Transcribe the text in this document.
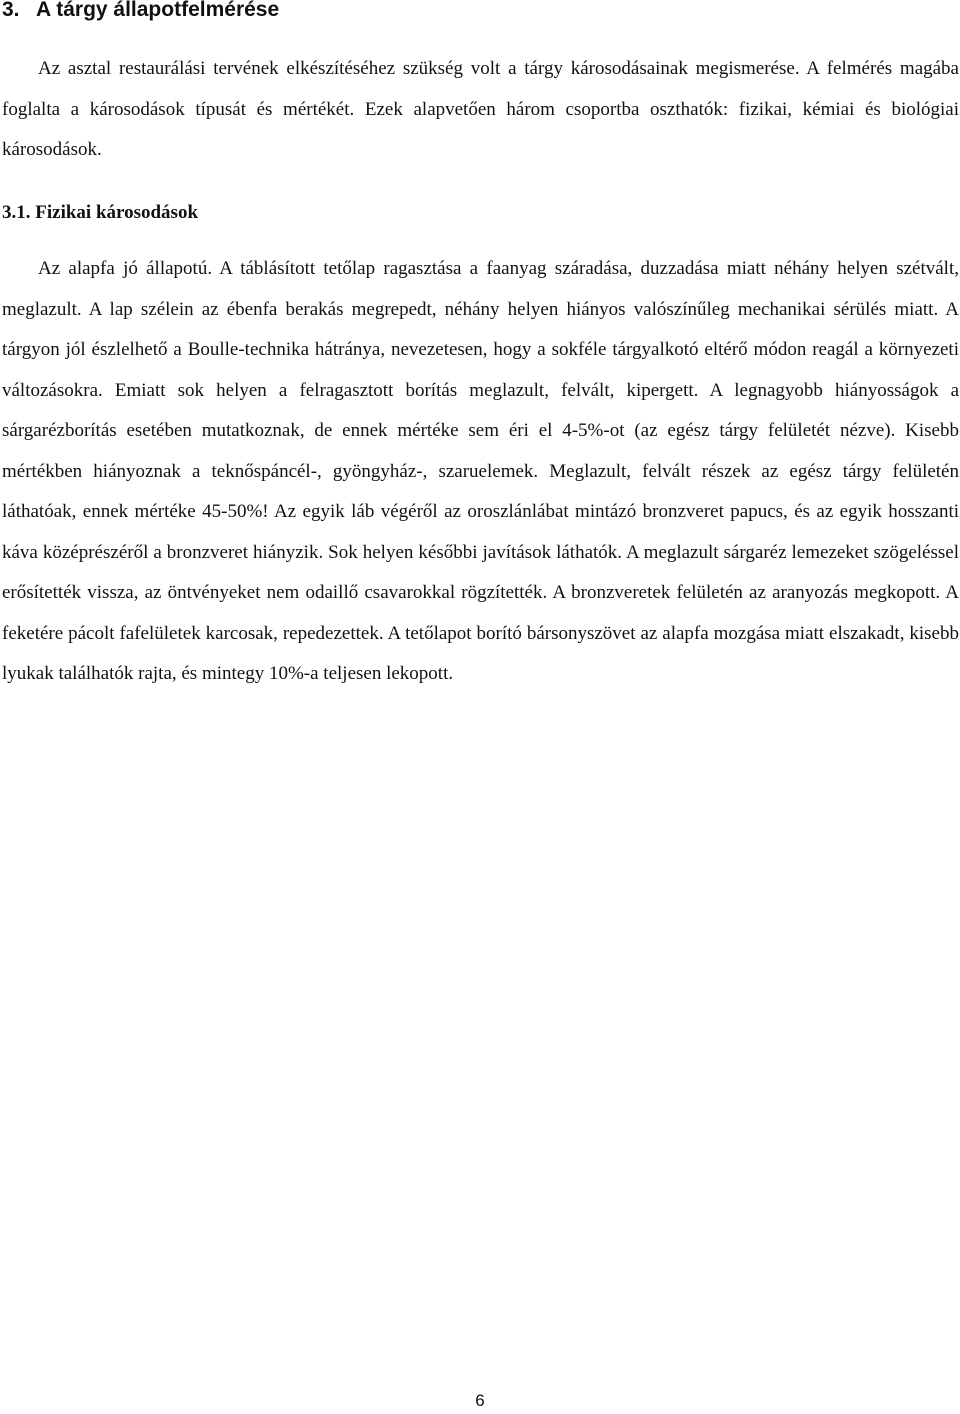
3. A tárgy állapotfelmérése

Az asztal restaurálási tervének elkészítéséhez szükség volt a tárgy károsodásainak megismerése. A felmérés magába foglalta a károsodások típusát és mértékét. Ezek alapvetően három csoportba oszthatók: fizikai, kémiai és biológiai károsodások.

3.1. Fizikai károsodások

Az alapfa jó állapotú. A táblásított tetőlap ragasztása a faanyag száradása, duzzadása miatt néhány helyen szétvált, meglazult. A lap szélein az ébenfa berakás megrepedt, néhány helyen hiányos valószínűleg mechanikai sérülés miatt. A tárgyon jól észlelhető a Boulle-technika hátránya, nevezetesen, hogy a sokféle tárgyalkotó eltérő módon reagál a környezeti változásokra. Emiatt sok helyen a felragasztott borítás meglazult, felvált, kipergett. A legnagyobb hiányosságok a sárgarézborítás esetében mutatkoznak, de ennek mértéke sem éri el 4-5%-ot (az egész tárgy felületét nézve). Kisebb mértékben hiányoznak a teknőspáncél-, gyöngyház-, szaruelemek. Meglazult, felvált részek az egész tárgy felületén láthatóak, ennek mértéke 45-50%! Az egyik láb végéről az oroszlánlábat mintázó bronzveret papucs, és az egyik hosszanti káva középrészéről a bronzveret hiányzik. Sok helyen későbbi javítások láthatók. A meglazult sárgaréz lemezeket szögeléssel erősítették vissza, az öntvényeket nem odaillő csavarokkal rögzítették. A bronzveretek felületén az aranyozás megkopott. A feketére pácolt fafelületek karcosak, repedezettek. A tetőlapot borító bársonyszövet az alapfa mozgása miatt elszakadt, kisebb lyukak találhatók rajta, és mintegy 10%-a teljesen lekopott.

6
